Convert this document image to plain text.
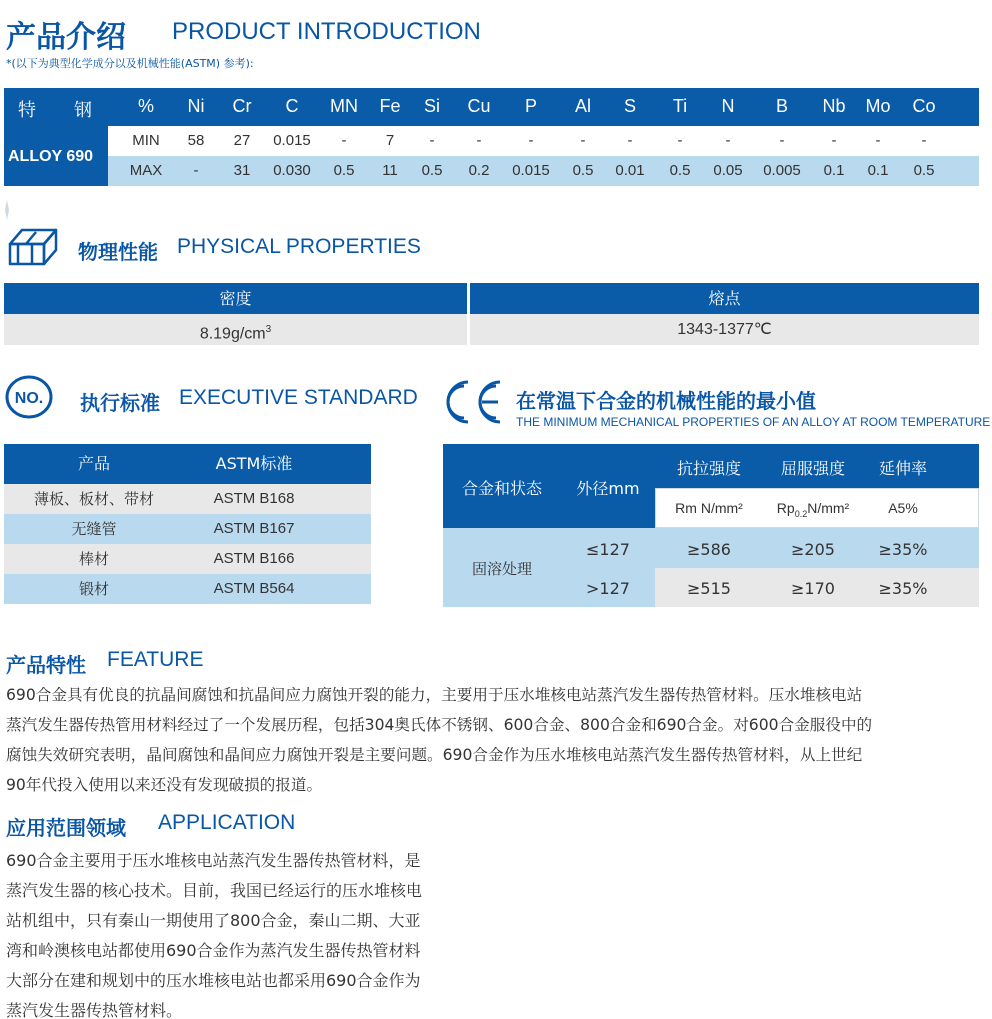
产品介绍 PRODUCT INTRODUCTION
*(以下为典型化学成分以及机械性能(ASTM) 参考):
特 钢	%	Ni	Cr	C	MN	Fe	Si	Cu	P	Al	S	Ti	N	B	Nb	Mo	Co
ALLOY 690
MIN	58	27	0.015	-	7	-	-	-	-	-	-	-	-	-	-	-
MAX	-	31	0.030	0.5	11	0.5	0.2	0.015	0.5	0.01	0.5	0.05	0.005	0.1	0.1	0.5
物理性能 PHYSICAL PROPERTIES
密度	熔点
$8.19g/cm^3$	1343-1377℃
NO. 执行标准 EXECUTIVE STANDARD
产品	ASTM标准
薄板、板材、带材	ASTM B168
无缝管	ASTM B167
棒材	ASTM B166
锻材	ASTM B564
在常温下合金的机械性能的最小值
THE MINIMUM MECHANICAL PROPERTIES OF AN ALLOY AT ROOM TEMPERATURE
合金和状态	外径mm
抗拉强度	屈服强度	延伸率
Rm N/mm²	$Rp_{0.2}N$/mm²	A5%
固溶处理
≤127	≥586	≥205	≥35%
>127	≥515	≥170	≥35%
产品特性 FEATURE
690合金具有优良的抗晶间腐蚀和抗晶间应力腐蚀开裂的能力，主要用于压水堆核电站蒸汽发生器传热管材料。压水堆核电站
蒸汽发生器传热管用材料经过了一个发展历程，包括304奥氏体不锈钢、600合金、800合金和690合金。对600合金服役中的
腐蚀失效研究表明，晶间腐蚀和晶间应力腐蚀开裂是主要问题。690合金作为压水堆核电站蒸汽发生器传热管材料，从上世纪
90年代投入使用以来还没有发现破损的报道。
应用范围领域 APPLICATION
690合金主要用于压水堆核电站蒸汽发生器传热管材料，是
蒸汽发生器的核心技术。目前，我国已经运行的压水堆核电
站机组中，只有秦山一期使用了800合金，秦山二期、大亚
湾和岭澳核电站都使用690合金作为蒸汽发生器传热管材料
大部分在建和规划中的压水堆核电站也都采用690合金作为
蒸汽发生器传热管材料。
